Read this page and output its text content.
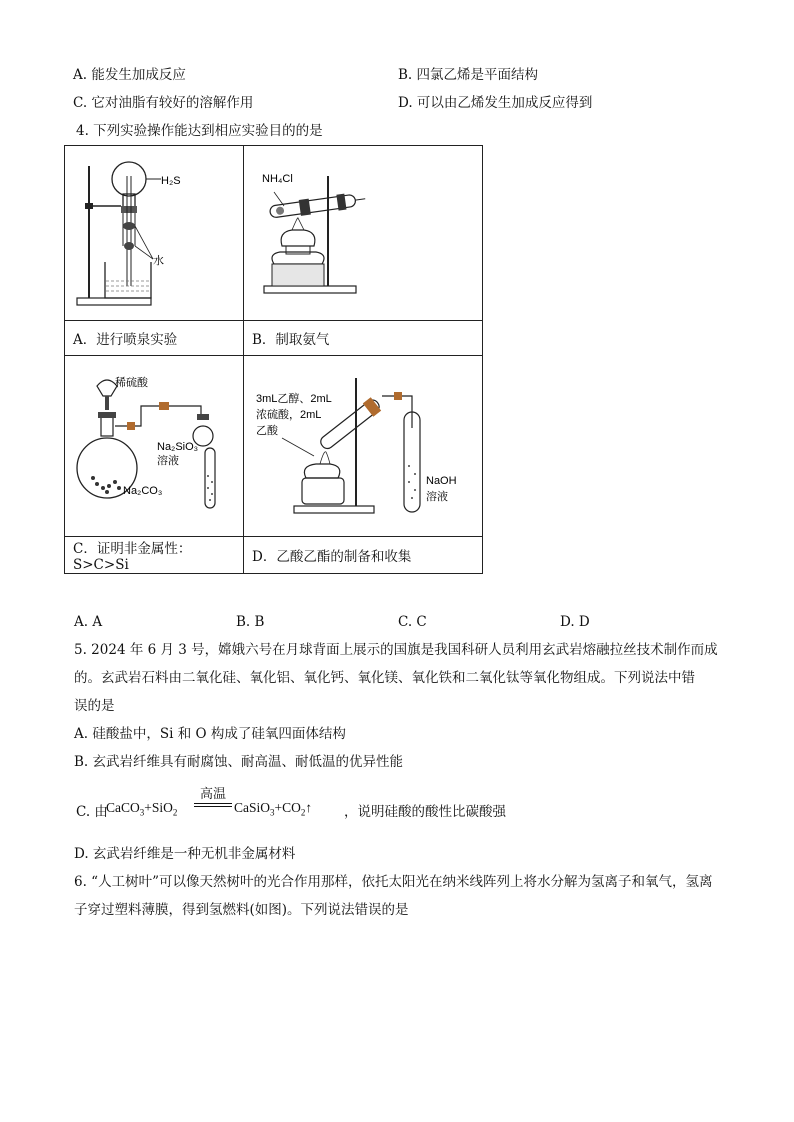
A. 能发生加成反应	B. 四氯乙烯是平面结构
C. 它对油脂有较好的溶解作用	D. 可以由乙烯发生加成反应得到
4. 下列实验操作能达到相应实验目的的是
H₂S
水	NH₄Cl

A．进行喷泉实验	B．制取氨气

稀硫酸
Na₂CO₃
Na₂SiO₃
溶液	3mL乙醇、2mL
浓硫酸，2mL
乙酸
NaOH
溶液

C．证明非金属性：S>C>Si	D．乙酸乙酯的制备和收集
A. A	B. B	C. C	D. D
5. 2024 年 6 月 3 号，嫦娥六号在月球背面上展示的国旗是我国科研人员利用玄武岩熔融拉丝技术制作而成
的。玄武岩石料由二氧化硅、氧化铝、氧化钙、氧化镁、氧化铁和二氧化钛等氧化物组成。下列说法中错
误的是
A. 硅酸盐中，Si 和 O 构成了硅氧四面体结构
B. 玄武岩纤维具有耐腐蚀、耐高温、耐低温的优异性能
C. 由
CaCO$_3$+SiO$_2$
高温
$CaSiO_3+CO_2↑$ ，说明硅酸的酸性比碳酸强
D. 玄武岩纤维是一种无机非金属材料
6. “人工树叶”可以像天然树叶的光合作用那样，依托太阳光在纳米线阵列上将水分解为氢离子和氧气，氢离
子穿过塑料薄膜，得到氢燃料(如图)。下列说法错误的是
